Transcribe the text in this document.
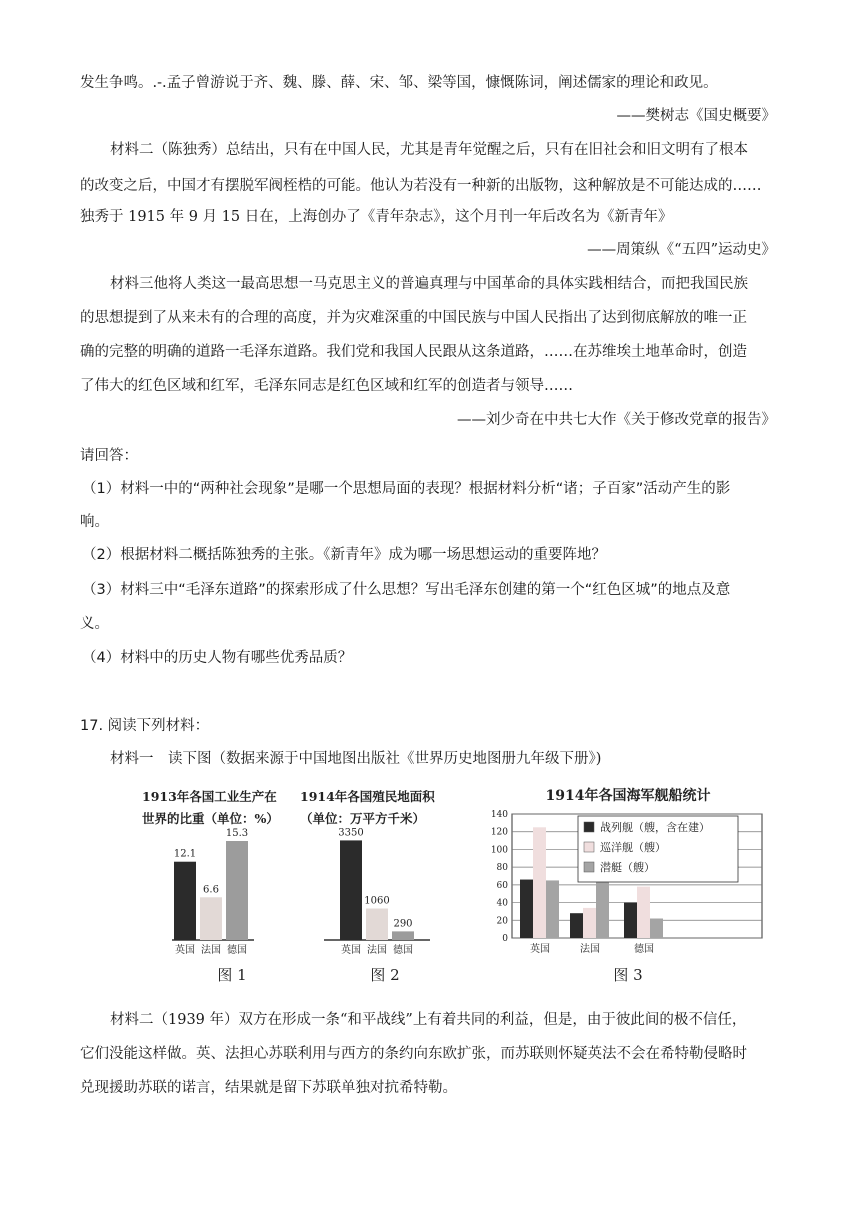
发生争鸣。.-.孟子曾游说于齐、魏、滕、薛、宋、邹、梁等国，慷慨陈词，阐述儒家的理论和政见。
——樊树志《国史概要》
材料二（陈独秀）总结出，只有在中国人民，尤其是青年觉醒之后，只有在旧社会和旧文明有了根本
的改变之后，中国才有摆脱军阀桎梏的可能。他认为若没有一种新的出版物，这种解放是不可能达成的……
独秀于 1915 年 9 月 15 日在，上海创办了《青年杂志》，这个月刊一年后改名为《新青年》
——周策纵《“五四”运动史》
材料三他将人类这一最高思想一马克思主义的普遍真理与中国革命的具体实践相结合，而把我国民族
的思想提到了从来未有的合理的高度，并为灾难深重的中国民族与中国人民指出了达到彻底解放的唯一正
确的完整的明确的道路一毛泽东道路。我们党和我国人民跟从这条道路，……在苏维埃土地革命时，创造
了伟大的红色区域和红军，毛泽东同志是红色区域和红军的创造者与领导……
——刘少奇在中共七大作《关于修改党章的报告》
请回答：
（1）材料一中的“两种社会现象”是哪一个思想局面的表现？根据材料分析“诸；子百家”活动产生的影
响。
（2）根据材料二概括陈独秀的主张。《新青年》成为哪一场思想运动的重要阵地？
（3）材料三中“毛泽东道路”的探索形成了什么思想？写出毛泽东创建的第一个“红色区城”的地点及意
义。
（4）材料中的历史人物有哪些优秀品质？
17. 阅读下列材料：
材料一　读下图（数据来源于中国地图出版社《世界历史地图册九年级下册》)
1913年各国工业生产在
世界的比重（单位：%）
12.1
英国
6.6
法国
15.3
德国
图 1
1914年各国殖民地面积
（单位：万平方千米）
3350
英国
1060
法国
290
德国
图 2
1914年各国海军舰船统计
0
20
40
60
80
100
120
140
英国	法国	德国
战列舰（艘，含在建）
巡洋舰（艘）
潜艇（艘）
图 3
材料二（1939 年）双方在形成一条“和平战线”上有着共同的利益，但是，由于彼此间的极不信任，
它们没能这样做。英、法担心苏联利用与西方的条约向东欧扩张，而苏联则怀疑英法不会在希特勒侵略时
兑现援助苏联的诺言，结果就是留下苏联单独对抗希特勒。
